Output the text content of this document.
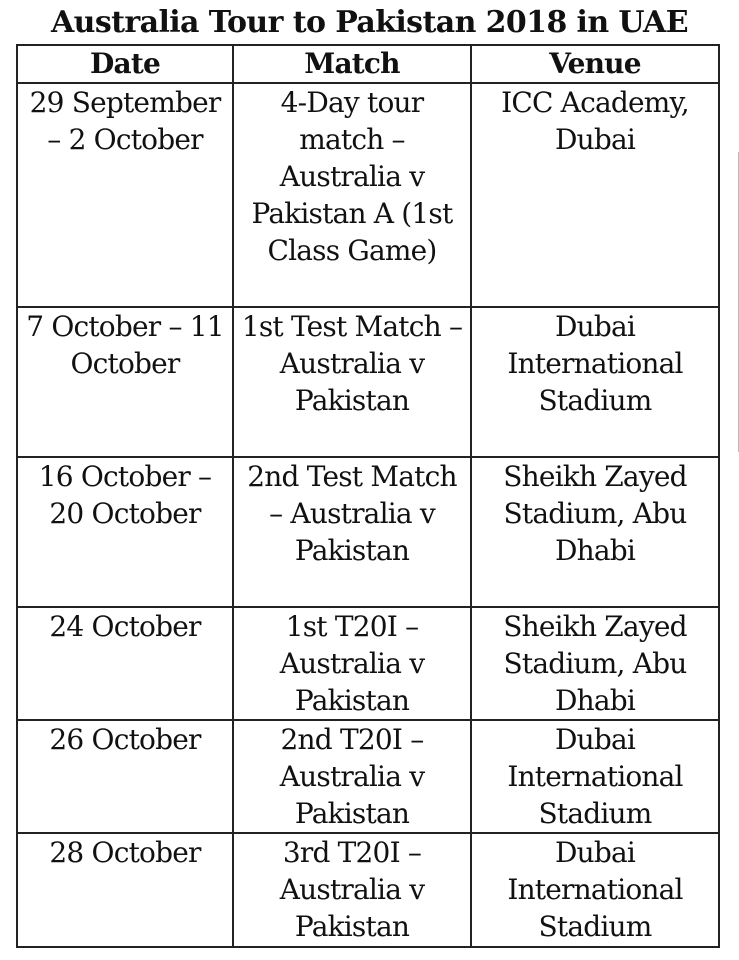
Australia Tour to Pakistan 2018 in UAE
Date	Match	Venue
29 September – 2 October	4-Day tour match – Australia v Pakistan A (1st Class Game)	ICC Academy, Dubai
7 October – 11 October	1st Test Match – Australia v Pakistan	Dubai International Stadium
16 October – 20 October	2nd Test Match – Australia v Pakistan	Sheikh Zayed Stadium, Abu Dhabi
24 October	1st T20I – Australia v Pakistan	Sheikh Zayed Stadium, Abu Dhabi
26 October	2nd T20I – Australia v Pakistan	Dubai International Stadium
28 October	3rd T20I – Australia v Pakistan	Dubai International Stadium
